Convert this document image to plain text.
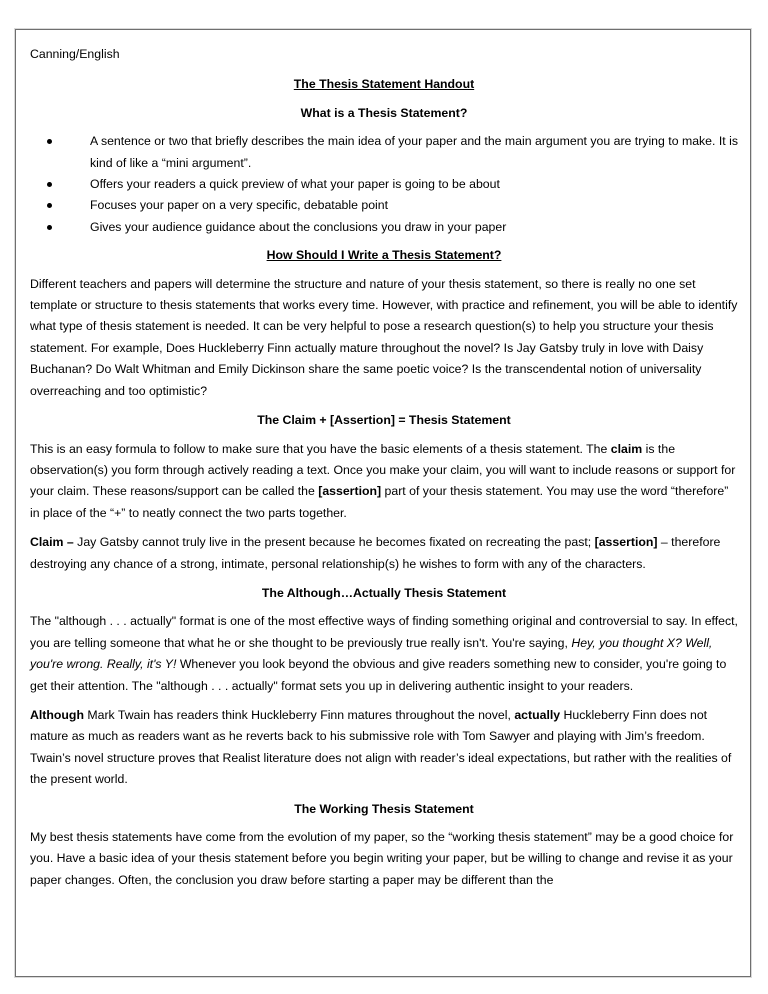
Canning/English
The Thesis Statement Handout
What is a Thesis Statement?
A sentence or two that briefly describes the main idea of your paper and the main argument you are trying to make. It is kind of like a “mini argument”.
Offers your readers a quick preview of what your paper is going to be about
Focuses your paper on a very specific, debatable point
Gives your audience guidance about the conclusions you draw in your paper
How Should I Write a Thesis Statement?

Different teachers and papers will determine the structure and nature of your thesis statement, so there is really no one set template or structure to thesis statements that works every time. However, with practice and refinement, you will be able to identify what type of thesis statement is needed. It can be very helpful to pose a research question(s) to help you structure your thesis statement. For example, Does Huckleberry Finn actually mature throughout the novel? Is Jay Gatsby truly in love with Daisy Buchanan? Do Walt Whitman and Emily Dickinson share the same poetic voice? Is the transcendental notion of universality overreaching and too optimistic?

The Claim + [Assertion] = Thesis Statement

This is an easy formula to follow to make sure that you have the basic elements of a thesis statement. The claim is the observation(s) you form through actively reading a text. Once you make your claim, you will want to include reasons or support for your claim. These reasons/support can be called the [assertion] part of your thesis statement. You may use the word “therefore” in place of the “+” to neatly connect the two parts together.

Claim – Jay Gatsby cannot truly live in the present because he becomes fixated on recreating the past; [assertion] – therefore destroying any chance of a strong, intimate, personal relationship(s) he wishes to form with any of the characters.

The Although…Actually Thesis Statement

The "although . . . actually" format is one of the most effective ways of finding something original and controversial to say. In effect, you are telling someone that what he or she thought to be previously true really isn't. You're saying, Hey, you thought X? Well, you're wrong. Really, it's Y! Whenever you look beyond the obvious and give readers something new to consider, you're going to get their attention. The "although . . . actually" format sets you up in delivering authentic insight to your readers.

Although Mark Twain has readers think Huckleberry Finn matures throughout the novel, actually Huckleberry Finn does not mature as much as readers want as he reverts back to his submissive role with Tom Sawyer and playing with Jim’s freedom. Twain’s novel structure proves that Realist literature does not align with reader’s ideal expectations, but rather with the realities of the present world.

The Working Thesis Statement

My best thesis statements have come from the evolution of my paper, so the “working thesis statement” may be a good choice for you. Have a basic idea of your thesis statement before you begin writing your paper, but be willing to change and revise it as your paper changes. Often, the conclusion you draw before starting a paper may be different than the
